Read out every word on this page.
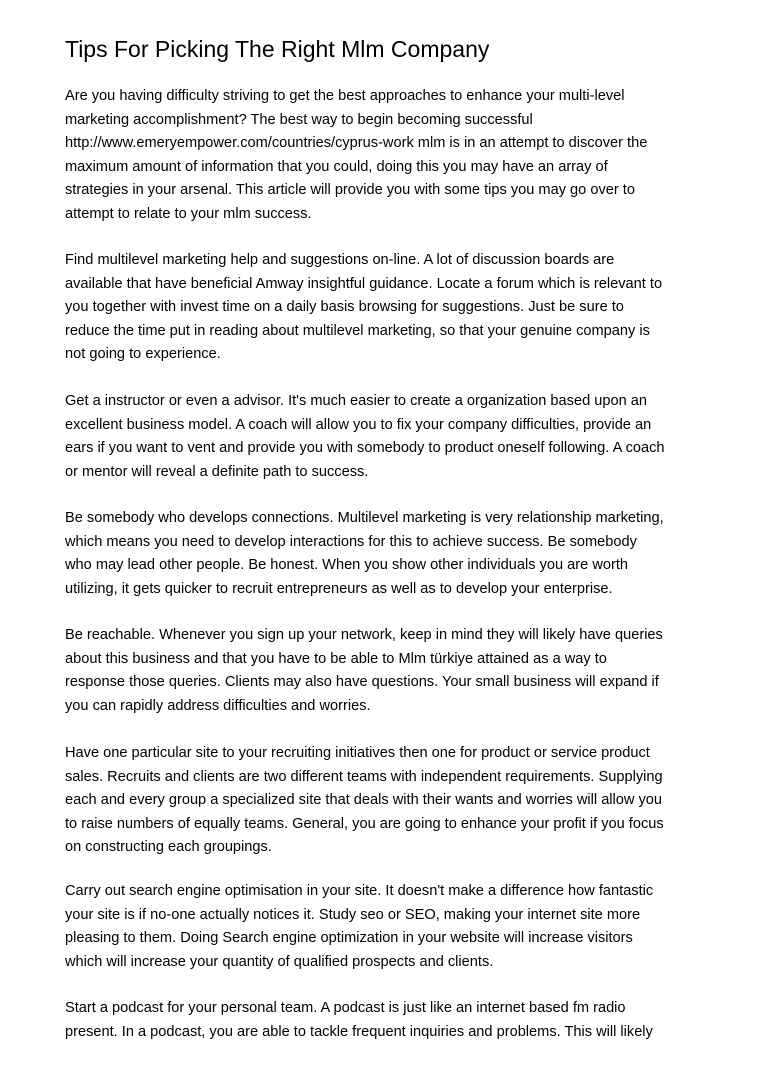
Tips For Picking The Right Mlm Company

Are you having difficulty striving to get the best approaches to enhance your multi-level
marketing accomplishment? The best way to begin becoming successful
http://www.emeryempower.com/countries/cyprus-work mlm is in an attempt to discover the
maximum amount of information that you could, doing this you may have an array of
strategies in your arsenal. This article will provide you with some tips you may go over to
attempt to relate to your mlm success.

Find multilevel marketing help and suggestions on-line. A lot of discussion boards are
available that have beneficial Amway insightful guidance. Locate a forum which is relevant to
you together with invest time on a daily basis browsing for suggestions. Just be sure to
reduce the time put in reading about multilevel marketing, so that your genuine company is
not going to experience.

Get a instructor or even a advisor. It's much easier to create a organization based upon an
excellent business model. A coach will allow you to fix your company difficulties, provide an
ears if you want to vent and provide you with somebody to product oneself following. A coach
or mentor will reveal a definite path to success.

Be somebody who develops connections. Multilevel marketing is very relationship marketing,
which means you need to develop interactions for this to achieve success. Be somebody
who may lead other people. Be honest. When you show other individuals you are worth
utilizing, it gets quicker to recruit entrepreneurs as well as to develop your enterprise.

Be reachable. Whenever you sign up your network, keep in mind they will likely have queries
about this business and that you have to be able to Mlm türkiye attained as a way to
response those queries. Clients may also have questions. Your small business will expand if
you can rapidly address difficulties and worries.

Have one particular site to your recruiting initiatives then one for product or service product
sales. Recruits and clients are two different teams with independent requirements. Supplying
each and every group a specialized site that deals with their wants and worries will allow you
to raise numbers of equally teams. General, you are going to enhance your profit if you focus
on constructing each groupings.

Carry out search engine optimisation in your site. It doesn't make a difference how fantastic
your site is if no-one actually notices it. Study seo or SEO, making your internet site more
pleasing to them. Doing Search engine optimization in your website will increase visitors
which will increase your quantity of qualified prospects and clients.

Start a podcast for your personal team. A podcast is just like an internet based fm radio
present. In a podcast, you are able to tackle frequent inquiries and problems. This will likely
